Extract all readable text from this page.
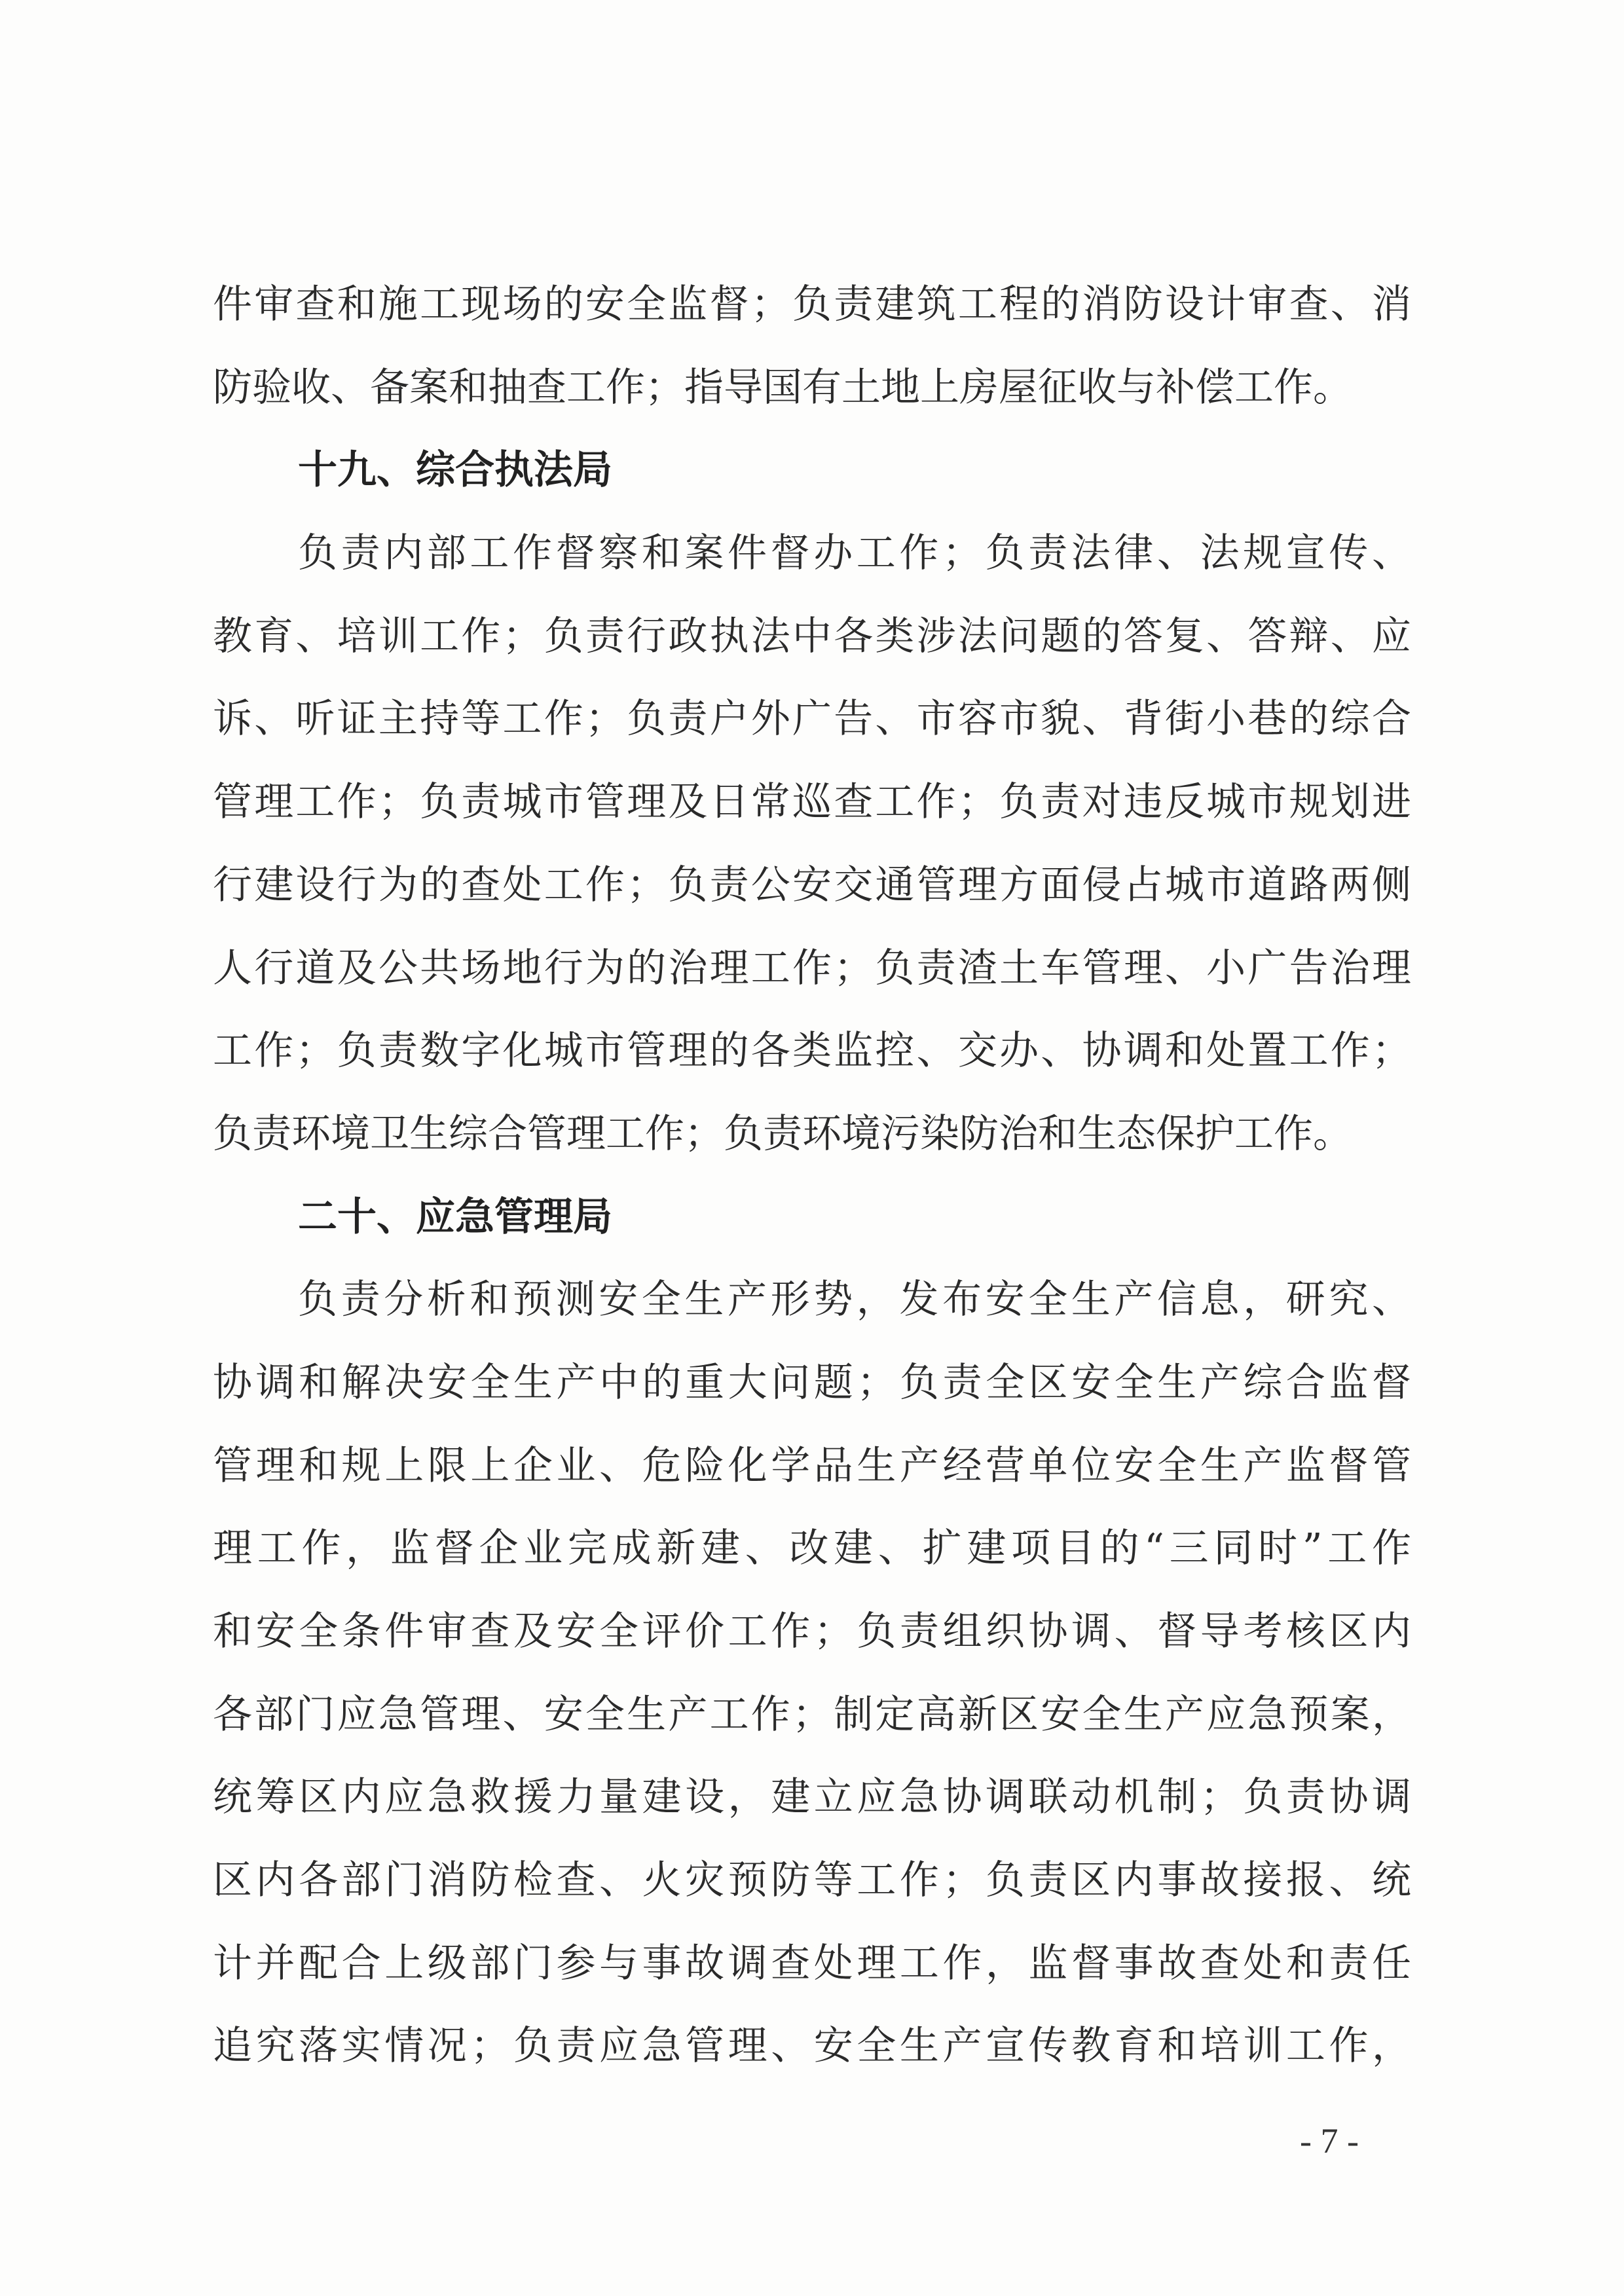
件审查和施工现场的安全监督；负责建筑工程的消防设计审查、消
防验收、备案和抽查工作；指导国有土地上房屋征收与补偿工作。
十九、综合执法局
负责内部工作督察和案件督办工作；负责法律、法规宣传、
教育、培训工作；负责行政执法中各类涉法问题的答复、答辩、应
诉、听证主持等工作；负责户外广告、市容市貌、背街小巷的综合
管理工作；负责城市管理及日常巡查工作；负责对违反城市规划进
行建设行为的查处工作；负责公安交通管理方面侵占城市道路两侧
人行道及公共场地行为的治理工作；负责渣土车管理、小广告治理
工作；负责数字化城市管理的各类监控、交办、协调和处置工作；
负责环境卫生综合管理工作；负责环境污染防治和生态保护工作。
二十、应急管理局
负责分析和预测安全生产形势，发布安全生产信息，研究、
协调和解决安全生产中的重大问题；负责全区安全生产综合监督
管理和规上限上企业、危险化学品生产经营单位安全生产监督管
理工作，监督企业完成新建、改建、扩建项目的“三同时”工作
和安全条件审查及安全评价工作；负责组织协调、督导考核区内
各部门应急管理、安全生产工作；制定高新区安全生产应急预案，
统筹区内应急救援力量建设，建立应急协调联动机制；负责协调
区内各部门消防检查、火灾预防等工作；负责区内事故接报、统
计并配合上级部门参与事故调查处理工作，监督事故查处和责任
追究落实情况；负责应急管理、安全生产宣传教育和培训工作，
- 7 -
